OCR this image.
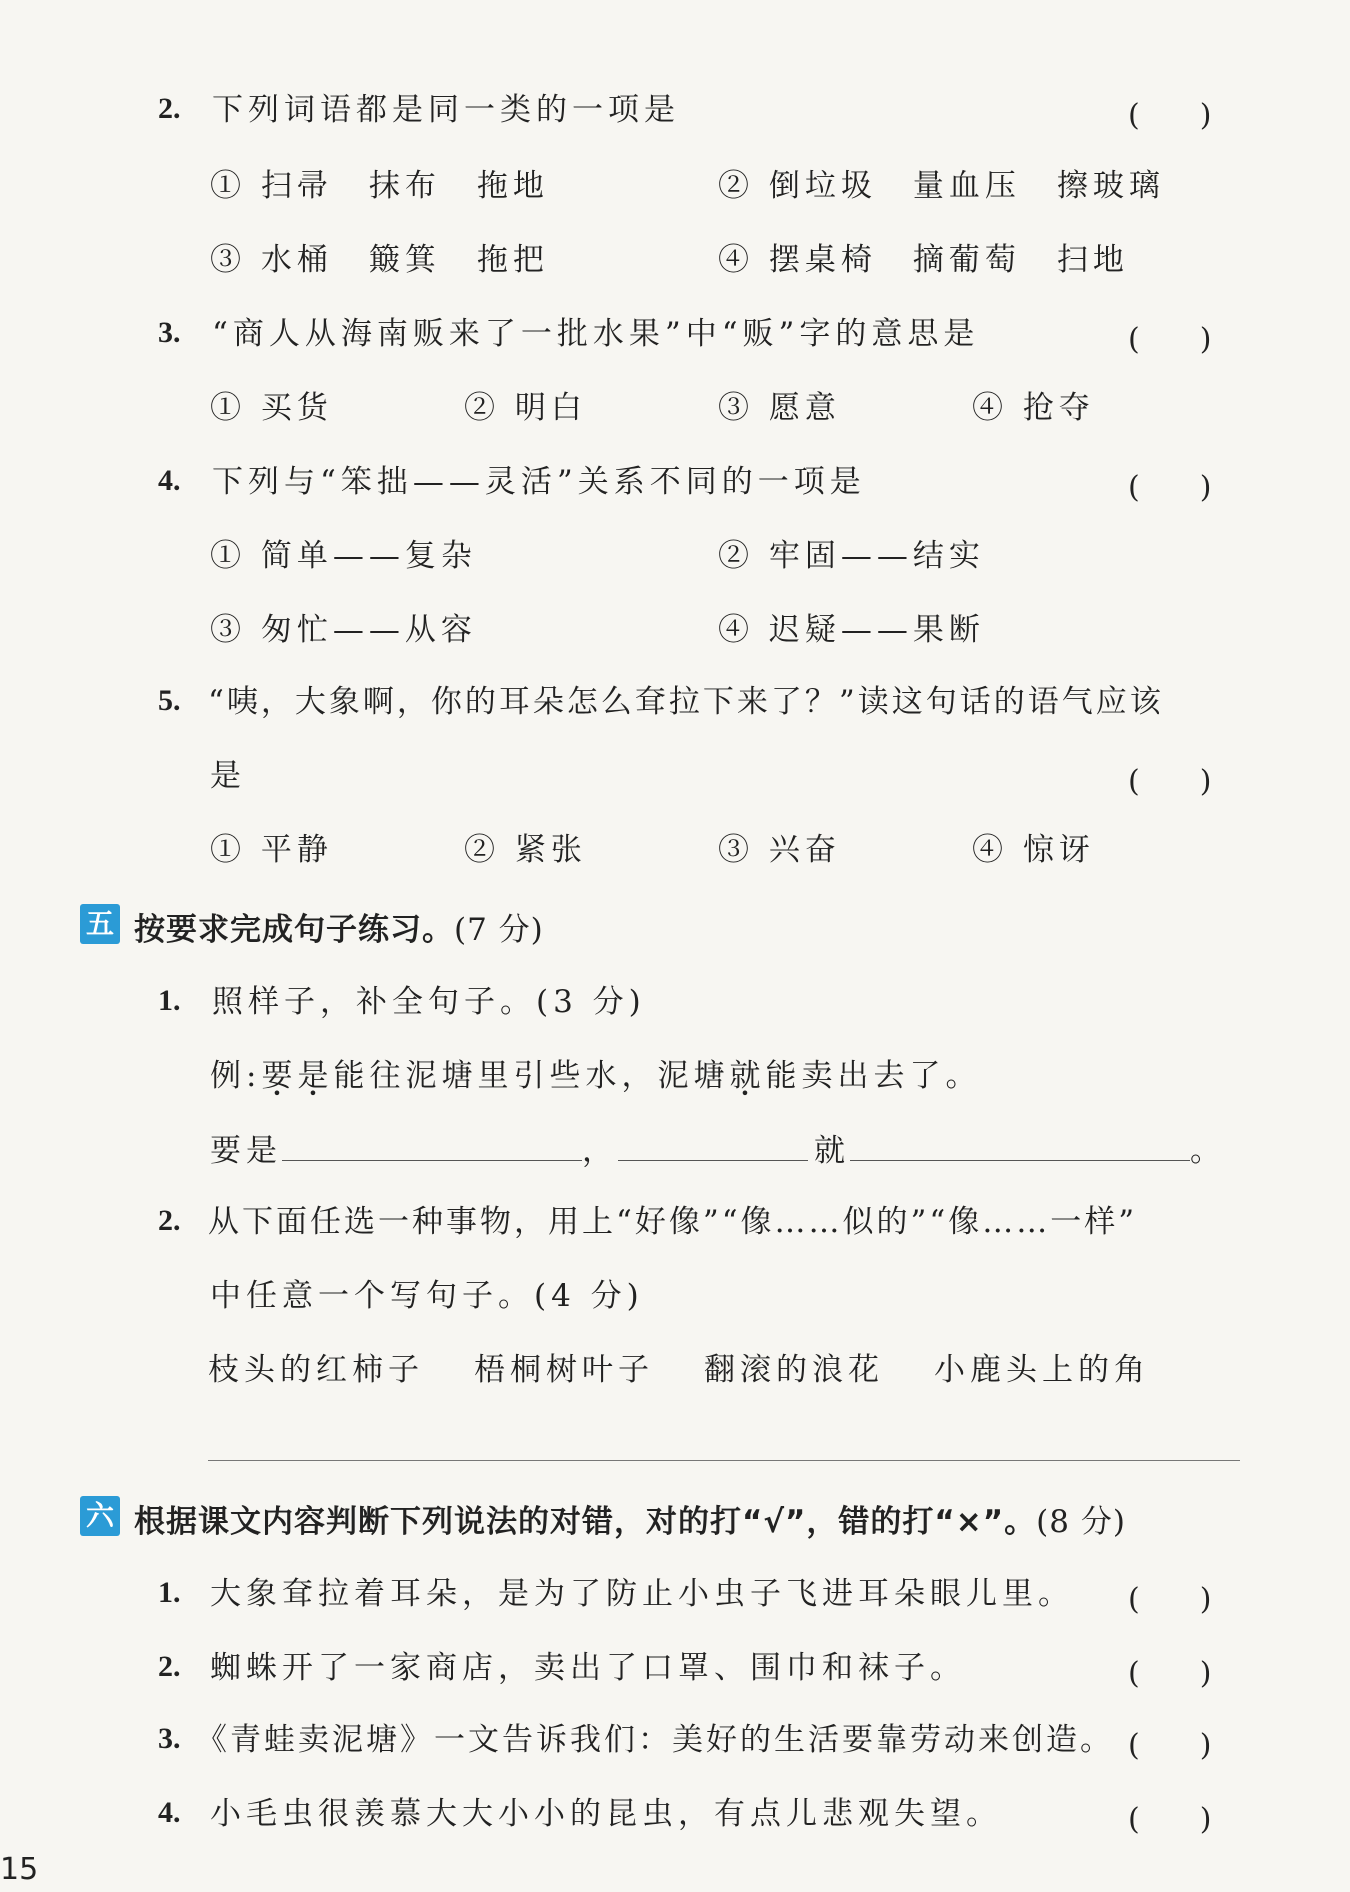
2. 下列词语都是同一类的一项是	(　　)
① 扫帚　抹布　拖地	② 倒垃圾　量血压　擦玻璃
③ 水桶　簸箕　拖把	④ 摆桌椅　摘葡萄　扫地
3. “商人从海南贩来了一批水果”中“贩”字的意思是	(　　)
① 买货	② 明白	③ 愿意	④ 抢夺
4. 下列与“笨拙——灵活”关系不同的一项是	(　　)
① 简单——复杂	② 牢固——结实
③ 匆忙——从容	④ 迟疑——果断
5. “咦，大象啊，你的耳朵怎么耷拉下来了？”读这句话的语气应该
是	(　　)
① 平静	② 紧张	③ 兴奋	④ 惊讶
五 按要求完成句子练习。(7 分)
1. 照样子，补全句子。(3 分)
例:要是能往泥塘里引些水，泥塘就能卖出去了。
要是	，	就	。
2. 从下面任选一种事物，用上“好像”“像……似的”“像……一样”
中任意一个写句子。(4 分)
枝头的红柿子 梧桐树叶子 翻滚的浪花 小鹿头上的角
六 根据课文内容判断下列说法的对错，对的打“√”，错的打“×”。(8 分)
1. 大象耷拉着耳朵，是为了防止小虫子飞进耳朵眼儿里。 (　　)
2. 蜘蛛开了一家商店，卖出了口罩、围巾和袜子。	(　　)
3. 《青蛙卖泥塘》一文告诉我们：美好的生活要靠劳动来创造。 (　　)
4. 小毛虫很羡慕大大小小的昆虫，有点儿悲观失望。	(　　)
15
